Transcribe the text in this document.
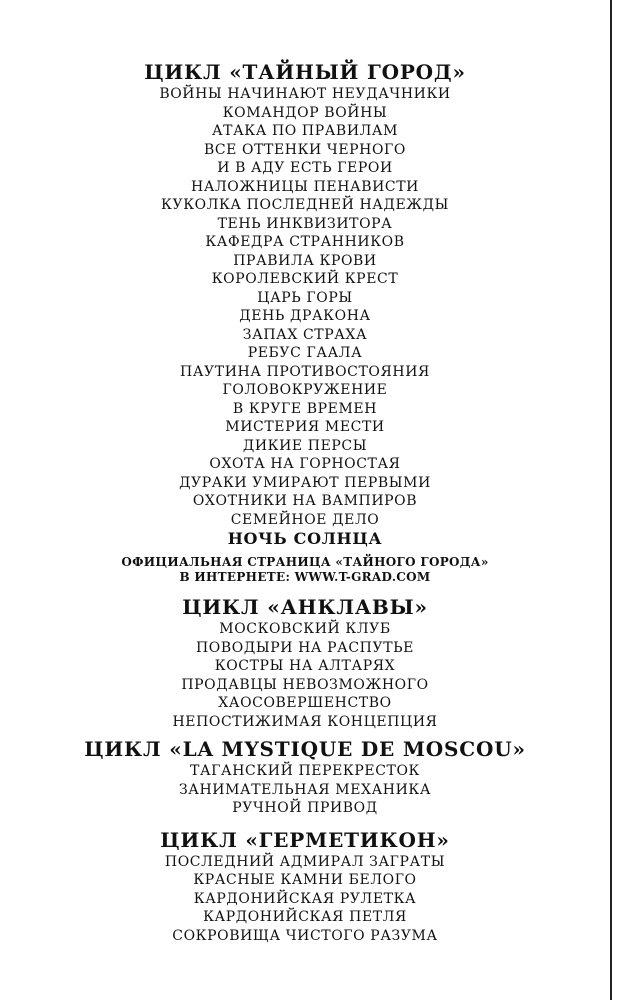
ЦИКЛ «ТАЙНЫЙ ГОРОД»
ВОЙНЫ НАЧИНАЮТ НЕУДАЧНИКИ
КОМАНДОР ВОЙНЫ
АТАКА ПО ПРАВИЛАМ
ВСЕ ОТТЕНКИ ЧЕРНОГО
И В АДУ ЕСТЬ ГЕРОИ
НАЛОЖНИЦЫ ПЕНАВИСТИ
КУКОЛКА ПОСЛЕДНЕЙ НАДЕЖДЫ
ТЕНЬ ИНКВИЗИТОРА
КАФЕДРА СТРАННИКОВ
ПРАВИЛА КРОВИ
КОРОЛЕВСКИЙ КРЕСТ
ЦАРЬ ГОРЫ
ДЕНЬ ДРАКОНА
ЗАПАХ СТРАХА
РЕБУС ГААЛА
ПАУТИНА ПРОТИВОСТОЯНИЯ
ГОЛОВОКРУЖЕНИЕ
В КРУГЕ ВРЕМЕН
МИСТЕРИЯ МЕСТИ
ДИКИЕ ПЕРСЫ
ОХОТА НА ГОРНОСТАЯ
ДУРАКИ УМИРАЮТ ПЕРВЫМИ
ОХОТНИКИ НА ВАМПИРОВ
СЕМЕЙНОЕ ДЕЛО
НОЧЬ СОЛНЦА
ОФИЦИАЛЬНАЯ СТРАНИЦА «ТАЙНОГО ГОРОДА»
В ИНТЕРНЕТЕ: WWW.T-GRAD.COM
ЦИКЛ «АНКЛАВЫ»
МОСКОВСКИЙ КЛУБ
ПОВОДЫРИ НА РАСПУТЬЕ
КОСТРЫ НА АЛТАРЯХ
ПРОДАВЦЫ НЕВОЗМОЖНОГО
ХАОСОВЕРШЕНСТВО
НЕПОСТИЖИМАЯ КОНЦЕПЦИЯ
ЦИКЛ «LA MYSTIQUE DE MOSCOU»
ТАГАНСКИЙ ПЕРЕКРЕСТОК
ЗАНИМАТЕЛЬНАЯ МЕХАНИКА
РУЧНОЙ ПРИВОД
ЦИКЛ «ГЕРМЕТИКОН»
ПОСЛЕДНИЙ АДМИРАЛ ЗАГРАТЫ
КРАСНЫЕ КАМНИ БЕЛОГО
КАРДОНИЙСКАЯ РУЛЕТКА
КАРДОНИЙСКАЯ ПЕТЛЯ
СОКРОВИЩА ЧИСТОГО РАЗУМА
